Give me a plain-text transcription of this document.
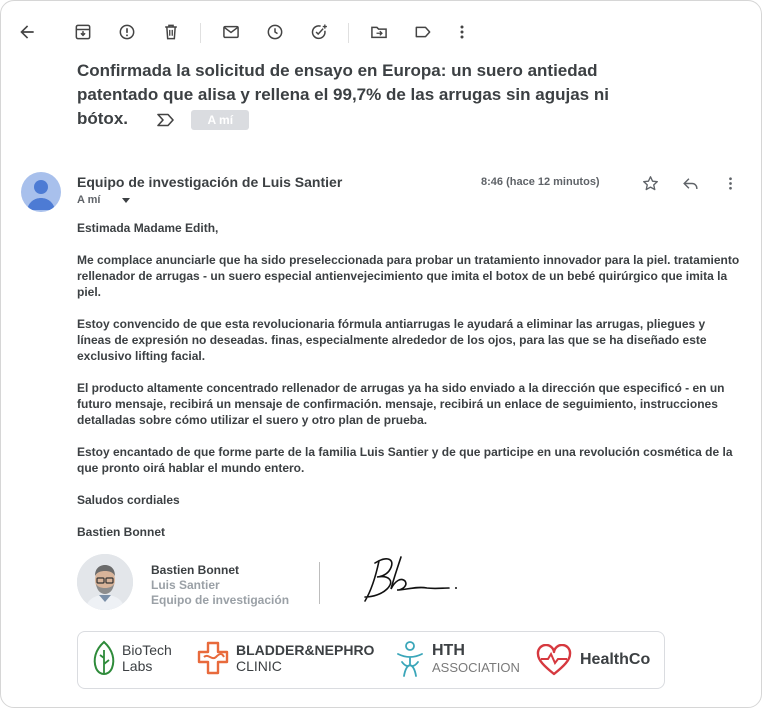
Confirmada la solicitud de ensayo en Europa: un suero antiedad patentado que alisa y rellena el 99,7% de las arrugas sin agujas ni bótox.	A mí
Equipo de investigación de Luis Santier
A mí
8:46 (hace 12 minutos)

Estimada Madame Edith,

Me complace anunciarle que ha sido preseleccionada para probar un tratamiento innovador para la piel. tratamiento rellenador de arrugas - un suero especial antienvejecimiento que imita el botox de un bebé quirúrgico que imita la piel.

Estoy convencido de que esta revolucionaria fórmula antiarrugas le ayudará a eliminar las arrugas, pliegues y líneas de expresión no deseadas. finas, especialmente alrededor de los ojos, para las que se ha diseñado este exclusivo lifting facial.

El producto altamente concentrado rellenador de arrugas ya ha sido enviado a la dirección que especificó - en un futuro mensaje, recibirá un mensaje de confirmación. mensaje, recibirá un enlace de seguimiento, instrucciones detalladas sobre cómo utilizar el suero y otro plan de prueba.

Estoy encantado de que forme parte de la familia Luis Santier y de que participe en una revolución cosmética de la que pronto oirá hablar el mundo entero.

Saludos cordiales

Bastien Bonnet

Bastien Bonnet
Luis Santier
Equipo de investigación
BioTech
Labs
BLADDER&NEPHRO
CLINIC
HTH
ASSOCIATION	HealthCo
